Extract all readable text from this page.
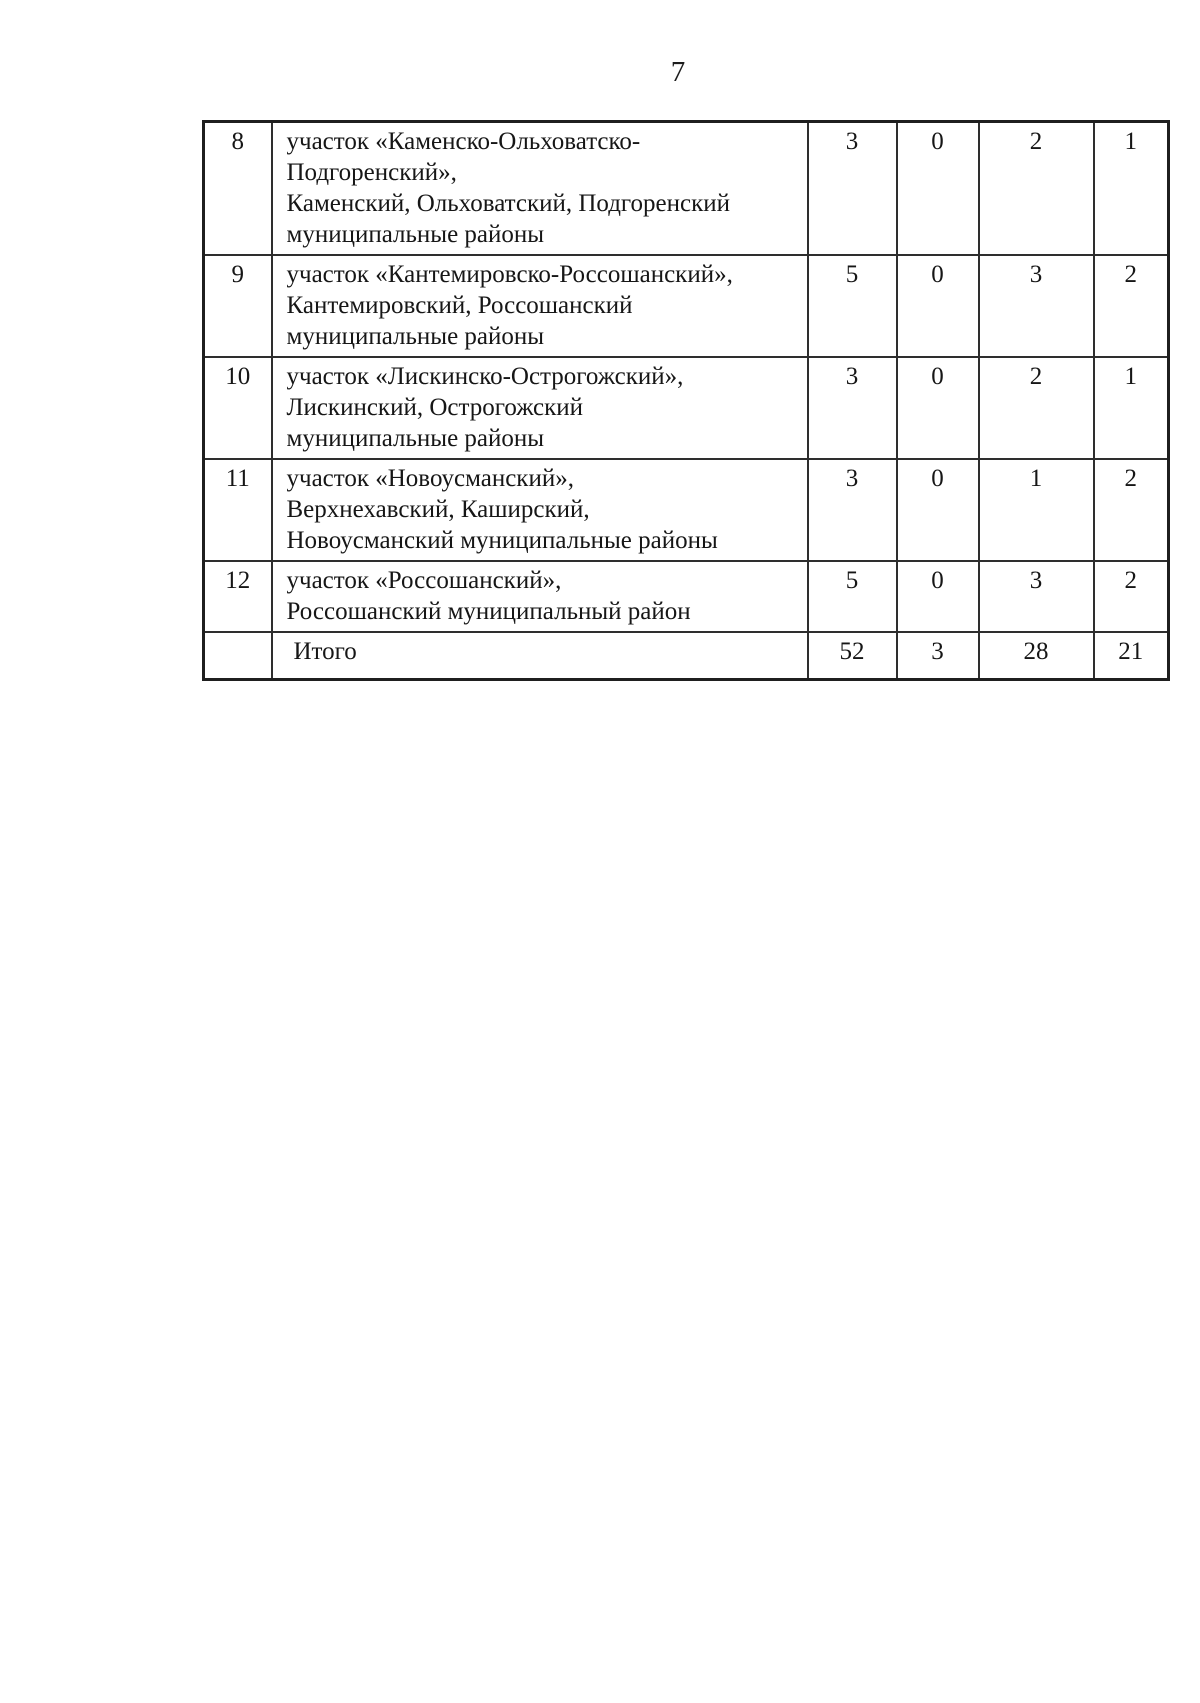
7
8	участок «Каменско-Ольховатско-
Подгоренский»,
Каменский, Ольховатский, Подгоренский
муниципальные районы	3	0	2	1
9	участок «Кантемировско-Россошанский»,
Кантемировский, Россошанский
муниципальные районы	5	0	3	2
10	участок «Лискинско-Острогожский»,
Лискинский, Острогожский
муниципальные районы	3	0	2	1
11	участок «Новоусманский»,
Верхнехавский, Каширский,
Новоусманский муниципальные районы	3	0	1	2
12	участок «Россошанский»,
Россошанский муниципальный район	5	0	3	2
	Итого	52	3	28	21
